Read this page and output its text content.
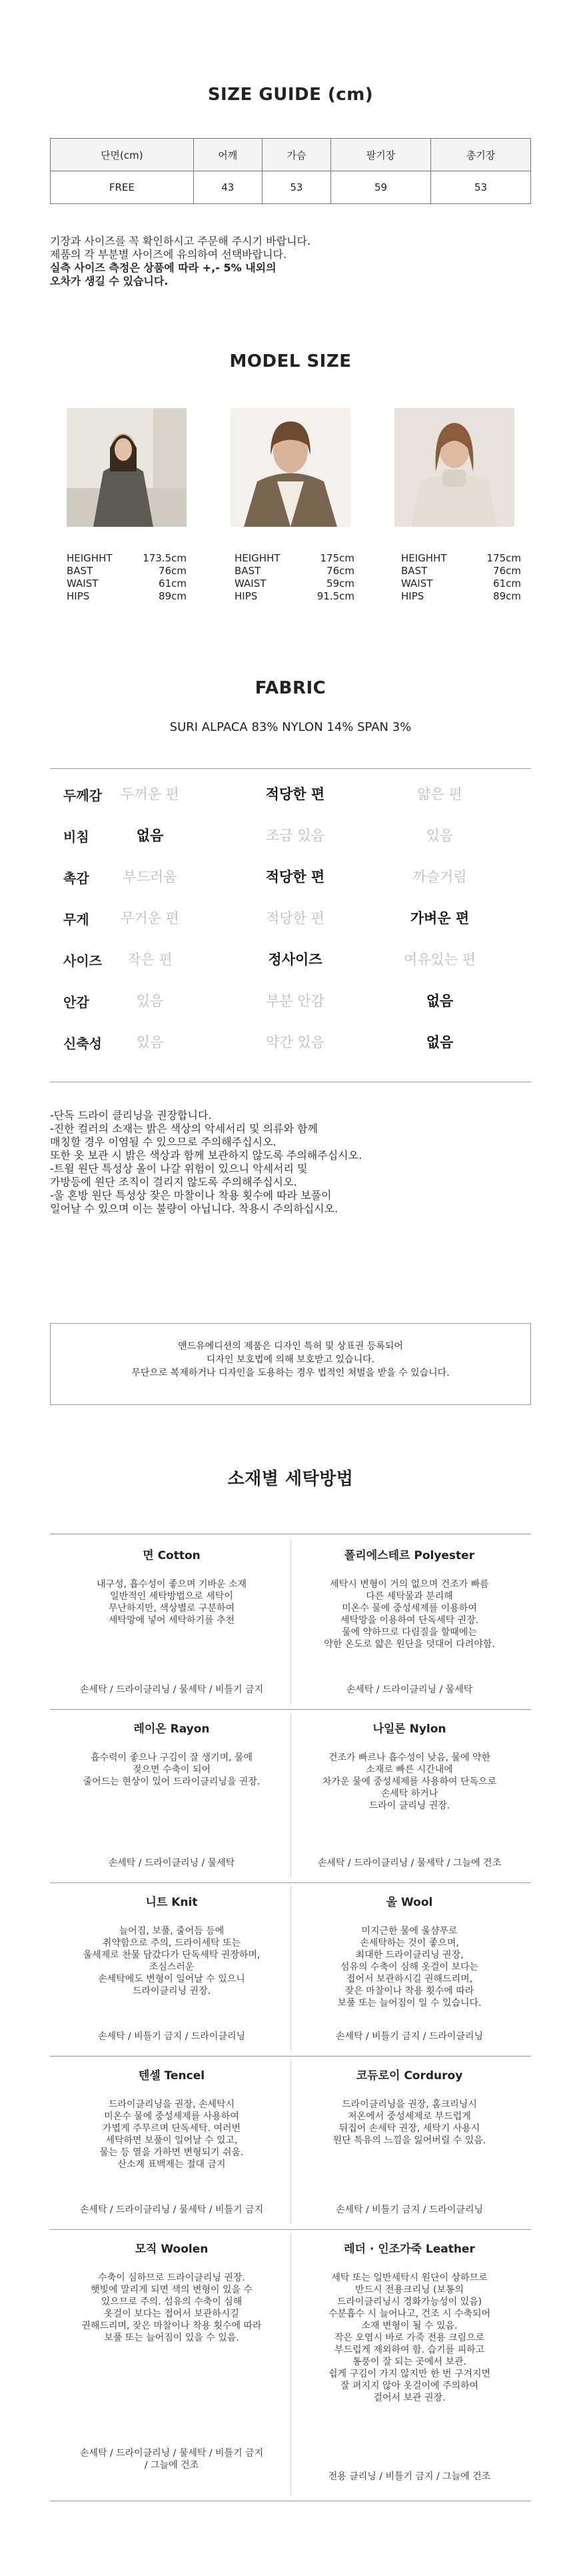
SIZE GUIDE (cm)
단면(cm)	어깨	가슴	팔기장	총기장
FREE	43	53	59	53
기장과 사이즈를 꼭 확인하시고 주문해 주시기 바랍니다.
제품의 각 부분별 사이즈에 유의하여 선택바랍니다.
실측 사이즈 측정은 상품에 따라 +,- 5% 내외의
오차가 생길 수 있습니다.
MODEL SIZE
HEIGHHT	173.5cm
BAST	76cm
WAIST	61cm
HIPS	89cm
HEIGHHT	175cm
BAST	76cm
WAIST	59cm
HIPS	91.5cm
HEIGHHT	175cm
BAST	76cm
WAIST	61cm
HIPS	89cm
FABRIC
SURI ALPACA 83% NYLON 14% SPAN 3%
두께감	두꺼운 편	적당한 편	얇은 편
비침	없음	조금 있음	있음
촉감	부드러움	적당한 편	까슬거림
무게	무거운 편	적당한 편	가벼운 편
사이즈	작은 편	정사이즈	여유있는 편
안감	있음	부분 안감	없음
신축성	있음	약간 있음	없음
-단독 드라이 클리닝을 권장합니다.
-진한 컬러의 소재는 밝은 색상의 악세서리 및 의류와 함께
매칭할 경우 이염될 수 있으므로 주의해주십시오.
또한 옷 보관 시 밝은 색상과 함께 보관하지 않도록 주의해주십시오.
-트윌 원단 특성상 올이 나갈 위험이 있으니 악세서리 및
가방등에 원단 조직이 걸리지 않도록 주의해주십시오.
-울 혼방 원단 특성상 잦은 마찰이나 착용 횟수에 따라 보풀이
일어날 수 있으며 이는 불량이 아닙니다. 착용시 주의하십시오.
앤드유에디션의 제품은 디자인 특허 및 상표권 등록되어
디자인 보호법에 의해 보호받고 있습니다.
무단으로 복제하거나 디자인을 도용하는 경우 법적인 처벌을 받을 수 있습니다.
소재별 세탁방법
면 Cotton
내구성, 흡수성이 좋으며 기바운 소재
일반적인 세탁방법으로 세탁이
무난하지만, 색상별로 구분하여
세탁망에 넣어 세탁하기를 추천
손세탁 / 드라이클리닝 / 물세탁 / 비틀기 금지
폴리에스테르 Polyester
세탁시 변형이 거의 없으며 건조가 빠름
다른 세탁물과 분리해
미온수 물에 중성세제를 이용하여
세탁망을 이용하여 단독세탁 권장.
물에 약하므로 다림질을 할때에는
약한 온도로 얇은 원단을 덧대어 다려야함.
손세탁 / 드라이클리닝 / 물세탁
레이온 Rayon
흡수력이 좋으나 구김이 잘 생기며, 물에
젖으면 수축이 되어
줄어드는 현상이 있어 드라이클리닝을 권장.
손세탁 / 드라이클리닝 / 물세탁
나일론 Nylon
건조가 빠르나 흡수성이 낮음, 물에 약한
소재로 빠른 시간내에
차가운 물에 중성세제를 사용하여 단독으로
손세탁 하거나
드라이 클리닝 권장.
손세탁 / 드라이클리닝 / 물세탁 / 그늘에 건조
니트 Knit
늘어짐, 보풀, 줄어듬 등에
취약함으로 주의, 드라이세탁 또는
울세제로 찬물 담갔다가 단독세탁 권장하며,
조심스러운
손세탁에도 변형이 일어날 수 있으니
드라이클리닝 권장.
손세탁 / 비틀기 금지 / 드라이클리닝
울 Wool
미지근한 물에 울샴푸로
손세탁하는 것이 좋으며,
최대한 드라이클리닝 권장,
섬유의 수축이 심해 옷걸이 보다는
접어서 보관하시길 권해드리며,
잦은 마찰이나 착용 횟수에 따라
보풀 또는 늘어짐이 일 수 있습니다.
손세탁 / 비틀기 금지 / 드라이클리닝
텐셀 Tencel
드라이클리닝을 권장, 손세탁시
미온수 물에 중성세제를 사용하여
가볍게 주무르며 단독세탁. 여러번
세탁하면 보풀이 일어날 수 있고,
물는 등 열을 가하면 변형되기 쉬움.
산소계 표백제는 절대 금지
손세탁 / 드라이클리닝 / 물세탁 / 비틀기 금지
코듀로이 Corduroy
드라이클리닝을 권장, 홈크리닝시
저온에서 중성세제로 부드럽게
뒤집어 손세탁 권장, 세탁기 사용시
원단 특유의 느낌을 잃어버릴 수 있음.
손세탁 / 비틀기 금지 / 드라이클리닝
모직 Woolen
수축이 심하므로 드라이클리닝 권장.
햇빛에 말리게 되면 색의 변형이 있을 수
있으므로 주의. 섬유의 수축이 심해
옷걸이 보다는 접어서 보관하시길
권해드리며, 잦은 마찰이나 착용 횟수에 따라
보풀 또는 늘어짐이 있을 수 있음.
손세탁 / 드라이클리닝 / 물세탁 / 비틀기 금지
/ 그늘에 건조
레더 · 인조가죽 Leather
세탁 또는 일반세탁시 원단이 상하므로
반드시 전용크리닝 (보통의
드라이클리닝시 경화가능성이 있음)
수분흡수 시 늘어나고, 건조 시 수축되어
소재 변형이 될 수 있음.
작은 오염시 바로 가죽 전용 크림으로
부드럽게 제외하여 함. 습기를 피하고
통풍이 잘 되는 곳에서 보관.
쉽게 구김이 가지 않지만 한 번 구겨지면
잘 펴지지 않아 옷걸이에 주의하여
걸어서 보관 권장.
전용 클리닝 / 비틀기 금지 / 그늘에 건조
